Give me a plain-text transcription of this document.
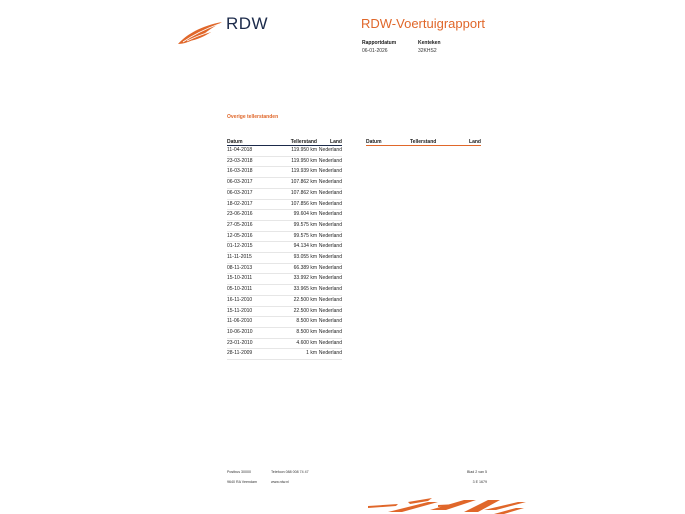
RDW	RDW-Voertuigrapport
Rapportdatum
06-01-2026
Kenteken
32KHS2
Overige tellerstanden
Datum	Tellerstand	Land
11-04-2018	119.950 km	Nederland
23-03-2018	119.950 km	Nederland
16-03-2018	119.939 km	Nederland
06-03-2017	107.862 km	Nederland
06-03-2017	107.862 km	Nederland
18-02-2017	107.856 km	Nederland
23-06-2016	99.604 km	Nederland
27-05-2016	99.575 km	Nederland
12-05-2016	99.575 km	Nederland
01-12-2015	94.134 km	Nederland
11-11-2015	93.055 km	Nederland
08-11-2013	66.389 km	Nederland
15-10-2011	33.992 km	Nederland
05-10-2011	33.965 km	Nederland
16-11-2010	22.500 km	Nederland
15-11-2010	22.500 km	Nederland
11-06-2010	8.500 km	Nederland
10-06-2010	8.500 km	Nederland
23-01-2010	4.600 km	Nederland
28-11-2009	1 km	Nederland
Datum	Tellerstand	Land
Postbus 30000	Telefoon 088 008 74 47
9640 RA Veendam	www.rdw.nl
Blad 2 van 5
3 E 1679
